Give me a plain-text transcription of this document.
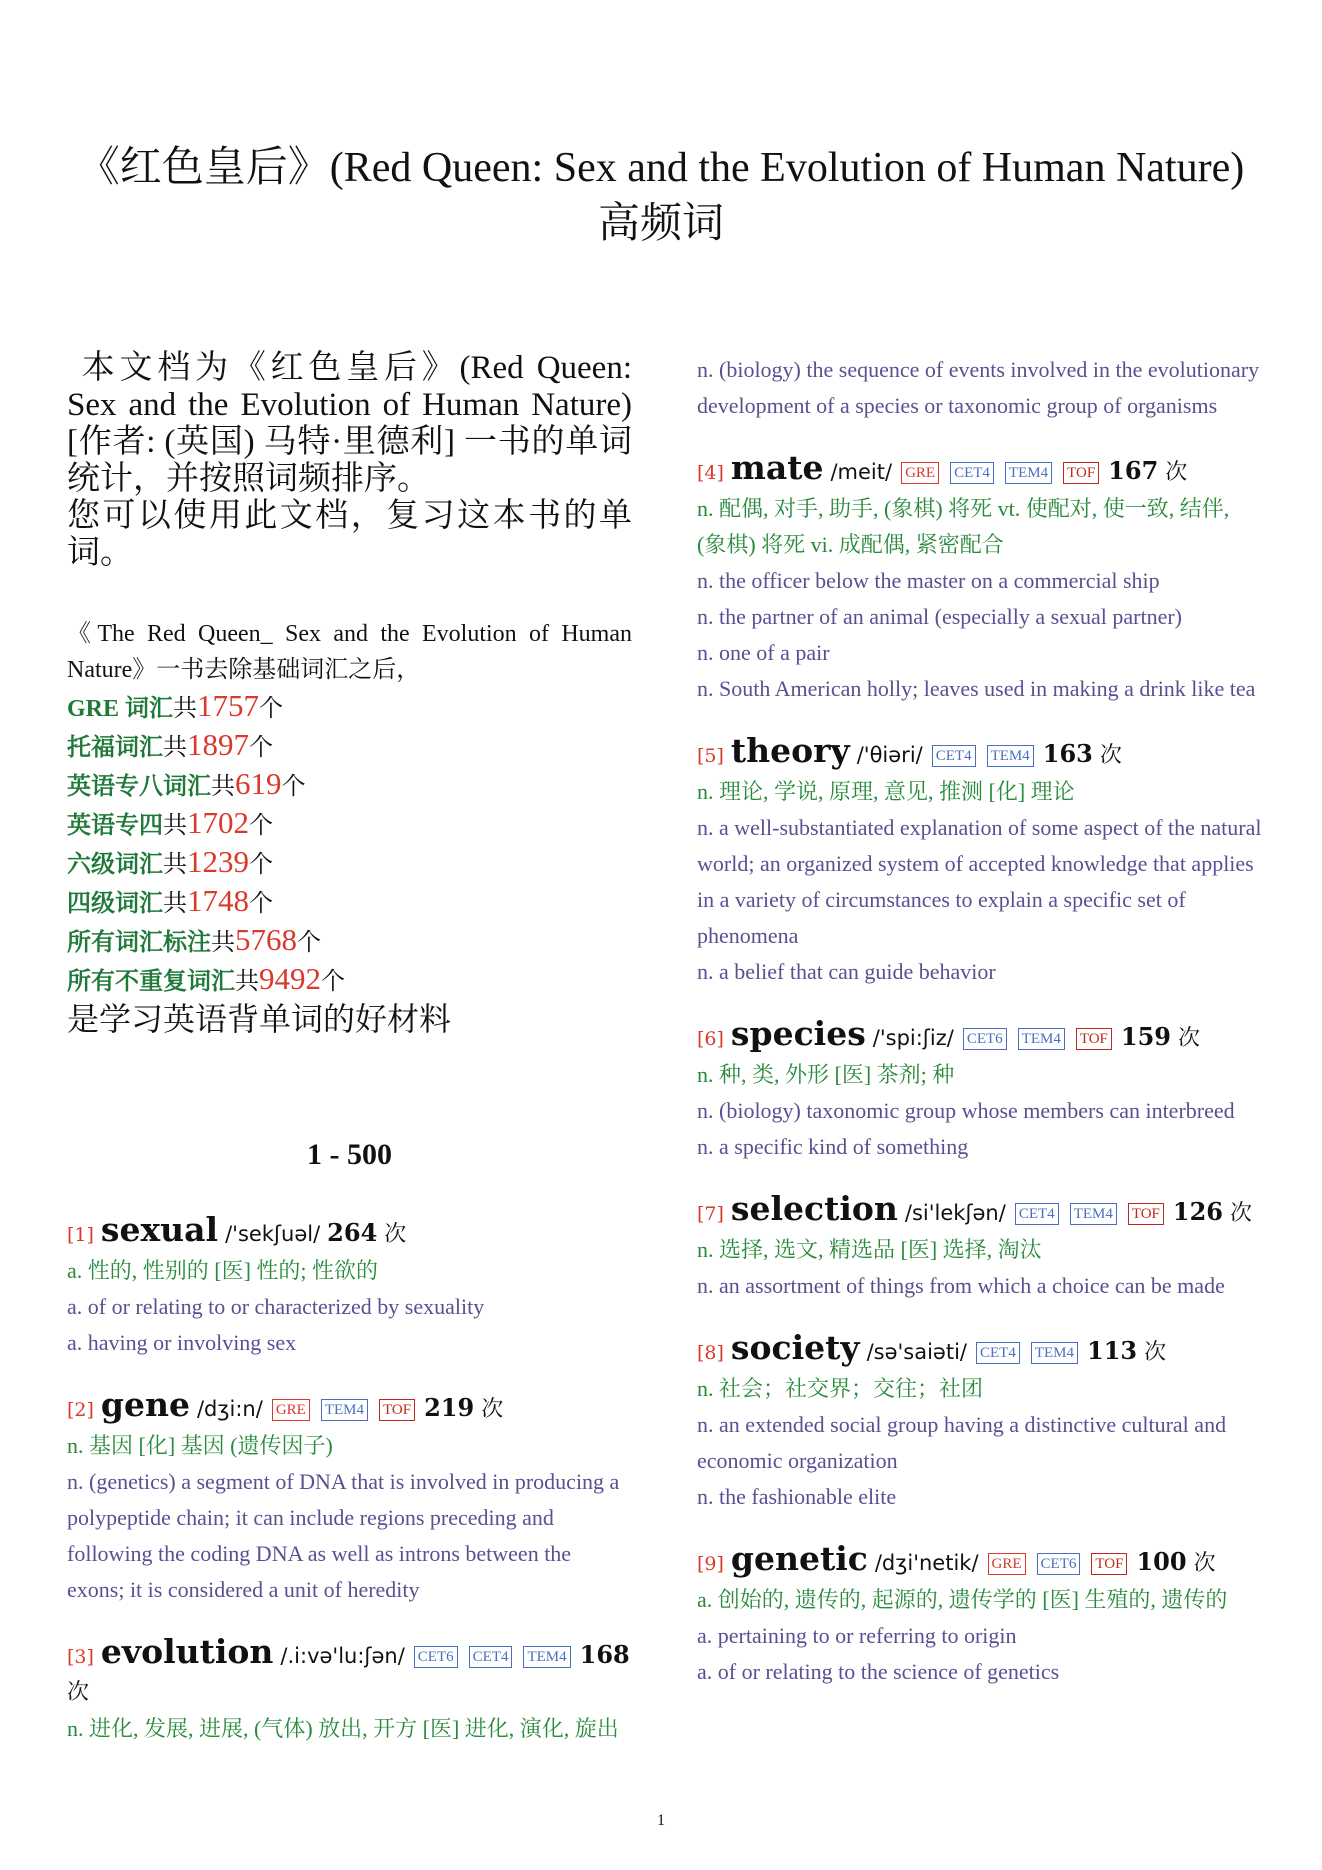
《红色皇后》(Red Queen: Sex and the Evolution of Human Nature)
高频词
本文档为《红色皇后》(Red Queen: Sex and the Evolution of Human Nature)[作者: (英国) 马特·里德利] 一书的单词统计，并按照词频排序。
您可以使用此文档，复习这本书的单词。
《The Red Queen_ Sex and the Evolution of Human Nature》一书去除基础词汇之后，
GRE 词汇共1757个
托福词汇共1897个
英语专八词汇共619个
英语专四共1702个
六级词汇共1239个
四级词汇共1748个
所有词汇标注共5768个
所有不重复词汇共9492个
是学习英语背单词的好材料
1 - 500
[1] sexual /'sekʃuəl/ 264 次

a. 性的, 性别的 [医] 性的; 性欲的

a. of or relating to or characterized by sexuality

a. having or involving sex

[2] gene /dʒi:n/ GRE TEM4 TOF 219 次

n. 基因 [化] 基因 (遗传因子)

n. (genetics) a segment of DNA that is involved in producing a polypeptide chain; it can include regions preceding and following the coding DNA as well as introns between the exons; it is considered a unit of heredity

[3] evolution /.i:və'lu:ʃən/ CET6 CET4 TEM4 168 次

n. 进化, 发展, 进展, (气体) 放出, 开方 [医] 进化, 演化, 旋出

n. (biology) the sequence of events involved in the evolutionary development of a species or taxonomic group of organisms

[4] mate /meit/ GRE CET4 TEM4 TOF 167 次

n. 配偶, 对手, 助手, (象棋) 将死 vt. 使配对, 使一致, 结伴, (象棋) 将死 vi. 成配偶, 紧密配合

n. the officer below the master on a commercial ship

n. the partner of an animal (especially a sexual partner)

n. one of a pair

n. South American holly; leaves used in making a drink like tea

[5] theory /'θiəri/ CET4 TEM4 163 次

n. 理论, 学说, 原理, 意见, 推测 [化] 理论

n. a well-substantiated explanation of some aspect of the natural world; an organized system of accepted knowledge that applies in a variety of circumstances to explain a specific set of phenomena

n. a belief that can guide behavior

[6] species /'spi:ʃiz/ CET6 TEM4 TOF 159 次

n. 种, 类, 外形 [医] 茶剂; 种

n. (biology) taxonomic group whose members can interbreed

n. a specific kind of something

[7] selection /si'lekʃən/ CET4 TEM4 TOF 126 次

n. 选择, 选文, 精选品 [医] 选择, 淘汰

n. an assortment of things from which a choice can be made

[8] society /sə'saiəti/ CET4 TEM4 113 次

n. 社会；社交界；交往；社团

n. an extended social group having a distinctive cultural and economic organization

n. the fashionable elite

[9] genetic /dʒi'netik/ GRE CET6 TOF 100 次

a. 创始的, 遗传的, 起源的, 遗传学的 [医] 生殖的, 遗传的

a. pertaining to or referring to origin

a. of or relating to the science of genetics

1
